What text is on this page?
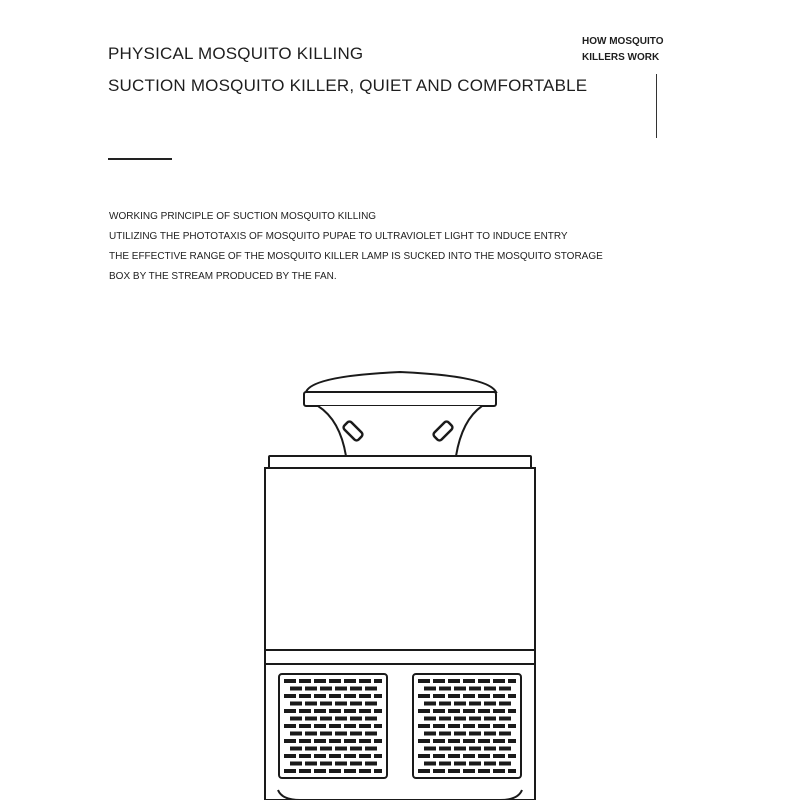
PHYSICAL MOSQUITO KILLING
SUCTION MOSQUITO KILLER, QUIET AND COMFORTABLE
HOW MOSQUITO
KILLERS WORK
WORKING PRINCIPLE OF SUCTION MOSQUITO KILLING
UTILIZING THE PHOTOTAXIS OF MOSQUITO PUPAE TO ULTRAVIOLET LIGHT TO INDUCE ENTRY
THE EFFECTIVE RANGE OF THE MOSQUITO KILLER LAMP IS SUCKED INTO THE MOSQUITO STORAGE
BOX BY THE STREAM PRODUCED BY THE FAN.
